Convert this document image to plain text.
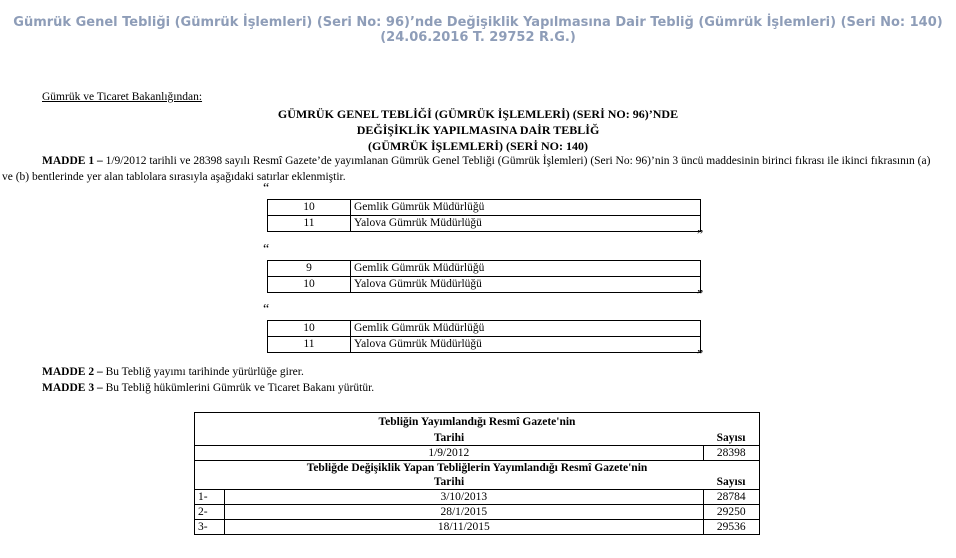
Gümrük Genel Tebliği (Gümrük İşlemleri) (Seri No: 96)’nde Değişiklik Yapılmasına Dair Tebliğ (Gümrük İşlemleri) (Seri No: 140)
(24.06.2016 T. 29752 R.G.)
Gümrük ve Ticaret Bakanlığından:
GÜMRÜK GENEL TEBLİĞİ (GÜMRÜK İŞLEMLERİ) (SERİ NO: 96)’NDE
DEĞİŞİKLİK YAPILMASINA DAİR TEBLİĞ
(GÜMRÜK İŞLEMLERİ) (SERİ NO: 140)
MADDE 1 – 1/9/2012 tarihli ve 28398 sayılı Resmî Gazete’de yayımlanan Gümrük Genel Tebliği (Gümrük İşlemleri) (Seri No: 96)’nin 3 üncü maddesinin birinci fıkrası ile ikinci fıkrasının (a)
ve (b) bentlerinde yer alan tablolara sırasıyla aşağıdaki satırlar eklenmiştir.
“
10	Gemlik Gümrük Müdürlüğü
11	Yalova Gümrük Müdürlüğü
”
“
9	Gemlik Gümrük Müdürlüğü
10	Yalova Gümrük Müdürlüğü
”
“
10	Gemlik Gümrük Müdürlüğü
11	Yalova Gümrük Müdürlüğü
”
MADDE 2 – Bu Tebliğ yayımı tarihinde yürürlüğe girer.
MADDE 3 – Bu Tebliğ hükümlerini Gümrük ve Ticaret Bakanı yürütür.
Tebliğin Yayımlandığı Resmî Gazete'nin		
Tarihi		Sayısı
1/9/2012		28398
Tebliğde Değişiklik Yapan Tebliğlerin Yayımlandığı Resmî Gazete'nin		
Tarihi		Sayısı
1-	3/10/2013	28784
2-	28/1/2015	29250
3-	18/11/2015	29536
